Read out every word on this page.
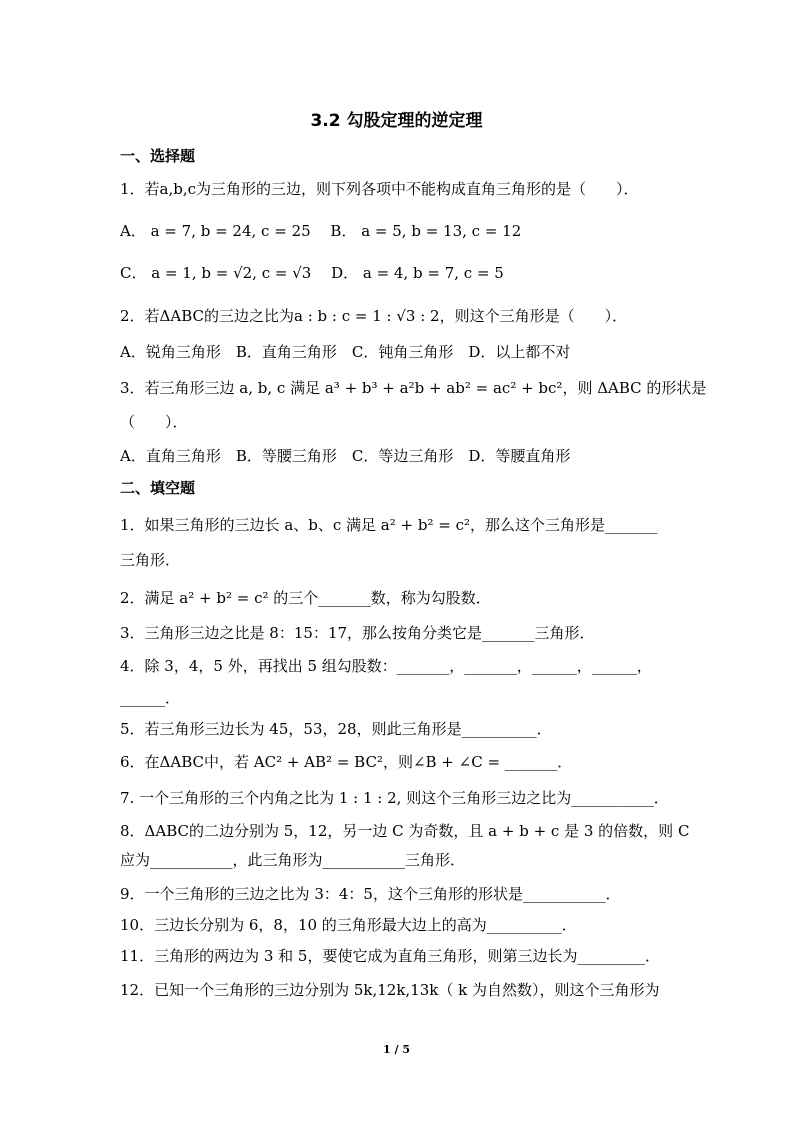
3.2 勾股定理的逆定理
一、选择题
1．若a,b,c为三角形的三边，则下列各项中不能构成直角三角形的是（　　）．
A． a = 7, b = 24, c = 25　 B． a = 5, b = 13, c = 12
C． a = 1, b = √2, c = √3　 D． a = 4, b = 7, c = 5
2．若ΔABC的三边之比为a : b : c = 1 : √3 : 2，则这个三角形是（　　）．
A．锐角三角形　B．直角三角形　C．钝角三角形　D．以上都不对
3．若三角形三边 a, b, c 满足 a³ + b³ + a²b + ab² = ac² + bc²，则 ΔABC 的形状是
（　　）．
A．直角三角形　B．等腰三角形　C．等边三角形　D．等腰直角形
二、填空题
1．如果三角形的三边长 a、b、c 满足 a² + b² = c²，那么这个三角形是_______
三角形．
2．满足 a² + b² = c² 的三个_______数，称为勾股数．
3．三角形三边之比是 8：15：17，那么按角分类它是_______三角形．
4．除 3，4，5 外，再找出 5 组勾股数：_______，_______，______，______，
______．
5．若三角形三边长为 45，53，28，则此三角形是__________．
6．在ΔABC中，若 AC² + AB² = BC²，则∠B + ∠C = _______．
7. 一个三角形的三个内角之比为 1 : 1 : 2, 则这个三角形三边之比为___________．
8．ΔABC的二边分别为 5，12，另一边 C 为奇数，且 a + b + c 是 3 的倍数，则 C
应为___________，此三角形为___________三角形．
9．一个三角形的三边之比为 3：4：5，这个三角形的形状是___________．
10．三边长分别为 6，8，10 的三角形最大边上的高为__________．
11．三角形的两边为 3 和 5，要使它成为直角三角形，则第三边长为_________．
12．已知一个三角形的三边分别为 5k,12k,13k（ k 为自然数），则这个三角形为
1 / 5
